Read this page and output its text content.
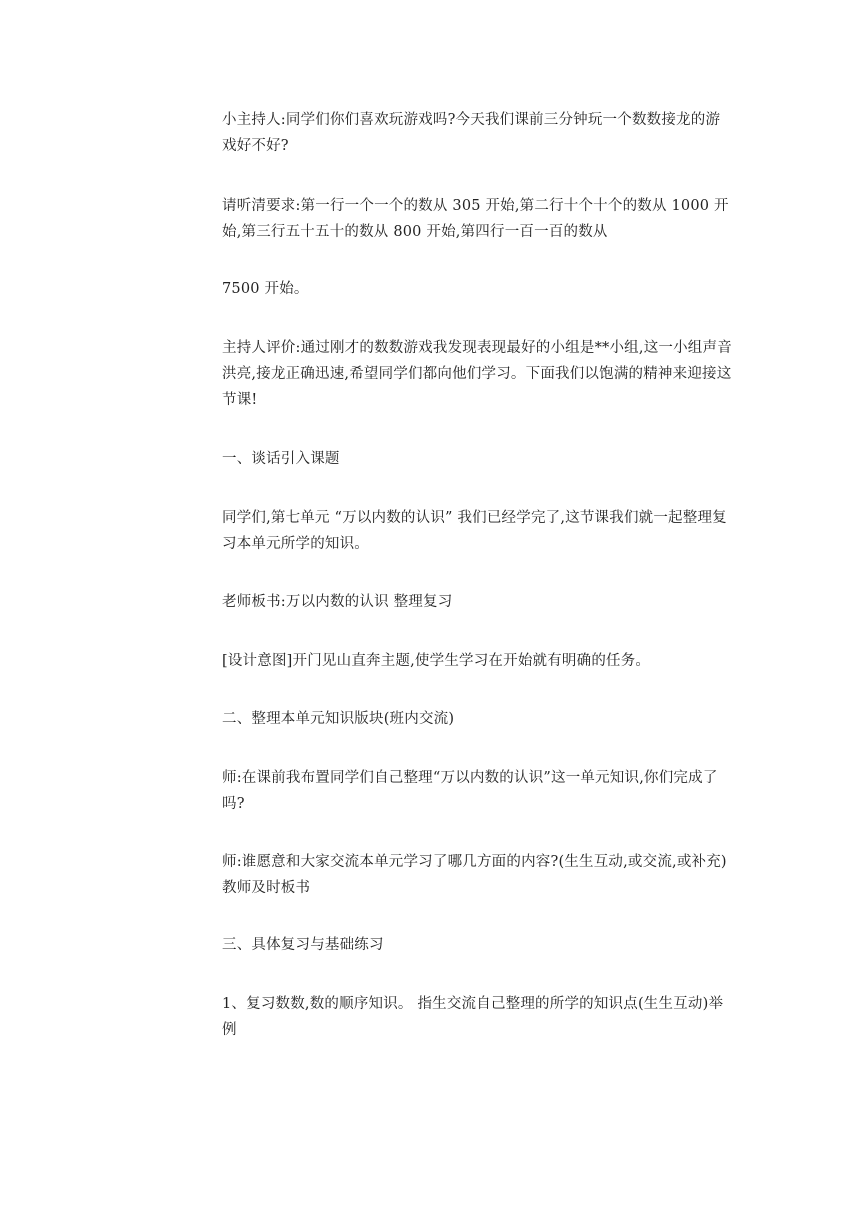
小主持人:同学们你们喜欢玩游戏吗?今天我们课前三分钟玩一个数数接龙的游戏好不好?

请听清要求:第一行一个一个的数从 305 开始,第二行十个十个的数从 1000 开始,第三行五十五十的数从 800 开始,第四行一百一百的数从

7500 开始。

主持人评价:通过刚才的数数游戏我发现表现最好的小组是**小组,这一小组声音洪亮,接龙正确迅速,希望同学们都向他们学习。下面我们以饱满的精神来迎接这节课!

一、谈话引入课题

同学们,第七单元 “万以内数的认识” 我们已经学完了,这节课我们就一起整理复习本单元所学的知识。

老师板书:万以内数的认识 整理复习

[设计意图]开门见山直奔主题,使学生学习在开始就有明确的任务。

二、整理本单元知识版块(班内交流)

师:在课前我布置同学们自己整理“万以内数的认识”这一单元知识,你们完成了吗?

师:谁愿意和大家交流本单元学习了哪几方面的内容?(生生互动,或交流,或补充) 教师及时板书

三、具体复习与基础练习

1、复习数数,数的顺序知识。 指生交流自己整理的所学的知识点(生生互动)举例
